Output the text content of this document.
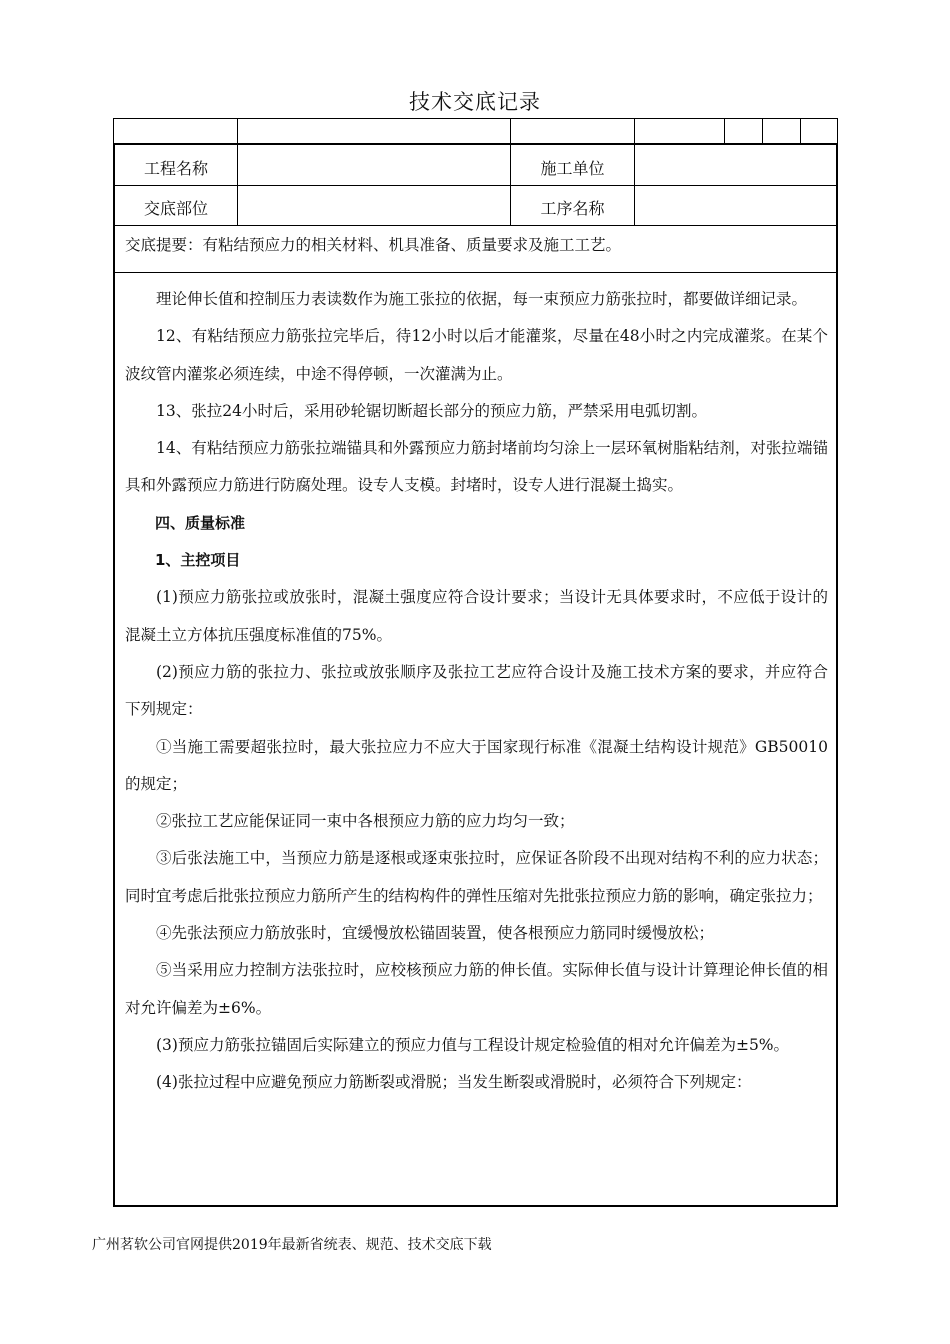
技术交底记录
工程名称	施工单位
交底部位	工序名称
交底提要：有粘结预应力的相关材料、机具准备、质量要求及施工工艺。

理论伸长值和控制压力表读数作为施工张拉的依据，每一束预应力筋张拉时，都要做详细记录。

12、有粘结预应力筋张拉完毕后，待12小时以后才能灌浆，尽量在48小时之内完成灌浆。在某个波纹管内灌浆必须连续，中途不得停顿，一次灌满为止。

13、张拉24小时后，采用砂轮锯切断超长部分的预应力筋，严禁采用电弧切割。

14、有粘结预应力筋张拉端锚具和外露预应力筋封堵前均匀涂上一层环氧树脂粘结剂，对张拉端锚具和外露预应力筋进行防腐处理。设专人支模。封堵时，设专人进行混凝土捣实。

四、质量标准

1、主控项目

(1)预应力筋张拉或放张时，混凝土强度应符合设计要求；当设计无具体要求时，不应低于设计的混凝土立方体抗压强度标准值的75%。

(2)预应力筋的张拉力、张拉或放张顺序及张拉工艺应符合设计及施工技术方案的要求，并应符合下列规定：

①当施工需要超张拉时，最大张拉应力不应大于国家现行标准《混凝土结构设计规范》GB50010的规定；

②张拉工艺应能保证同一束中各根预应力筋的应力均匀一致；

③后张法施工中，当预应力筋是逐根或逐束张拉时，应保证各阶段不出现对结构不利的应力状态；同时宜考虑后批张拉预应力筋所产生的结构构件的弹性压缩对先批张拉预应力筋的影响，确定张拉力；

④先张法预应力筋放张时，宜缓慢放松锚固装置，使各根预应力筋同时缓慢放松；

⑤当采用应力控制方法张拉时，应校核预应力筋的伸长值。实际伸长值与设计计算理论伸长值的相对允许偏差为±6%。

(3)预应力筋张拉锚固后实际建立的预应力值与工程设计规定检验值的相对允许偏差为±5%。

(4)张拉过程中应避免预应力筋断裂或滑脱；当发生断裂或滑脱时，必须符合下列规定：

广州茗软公司官网提供2019年最新省统表、规范、技术交底下载
